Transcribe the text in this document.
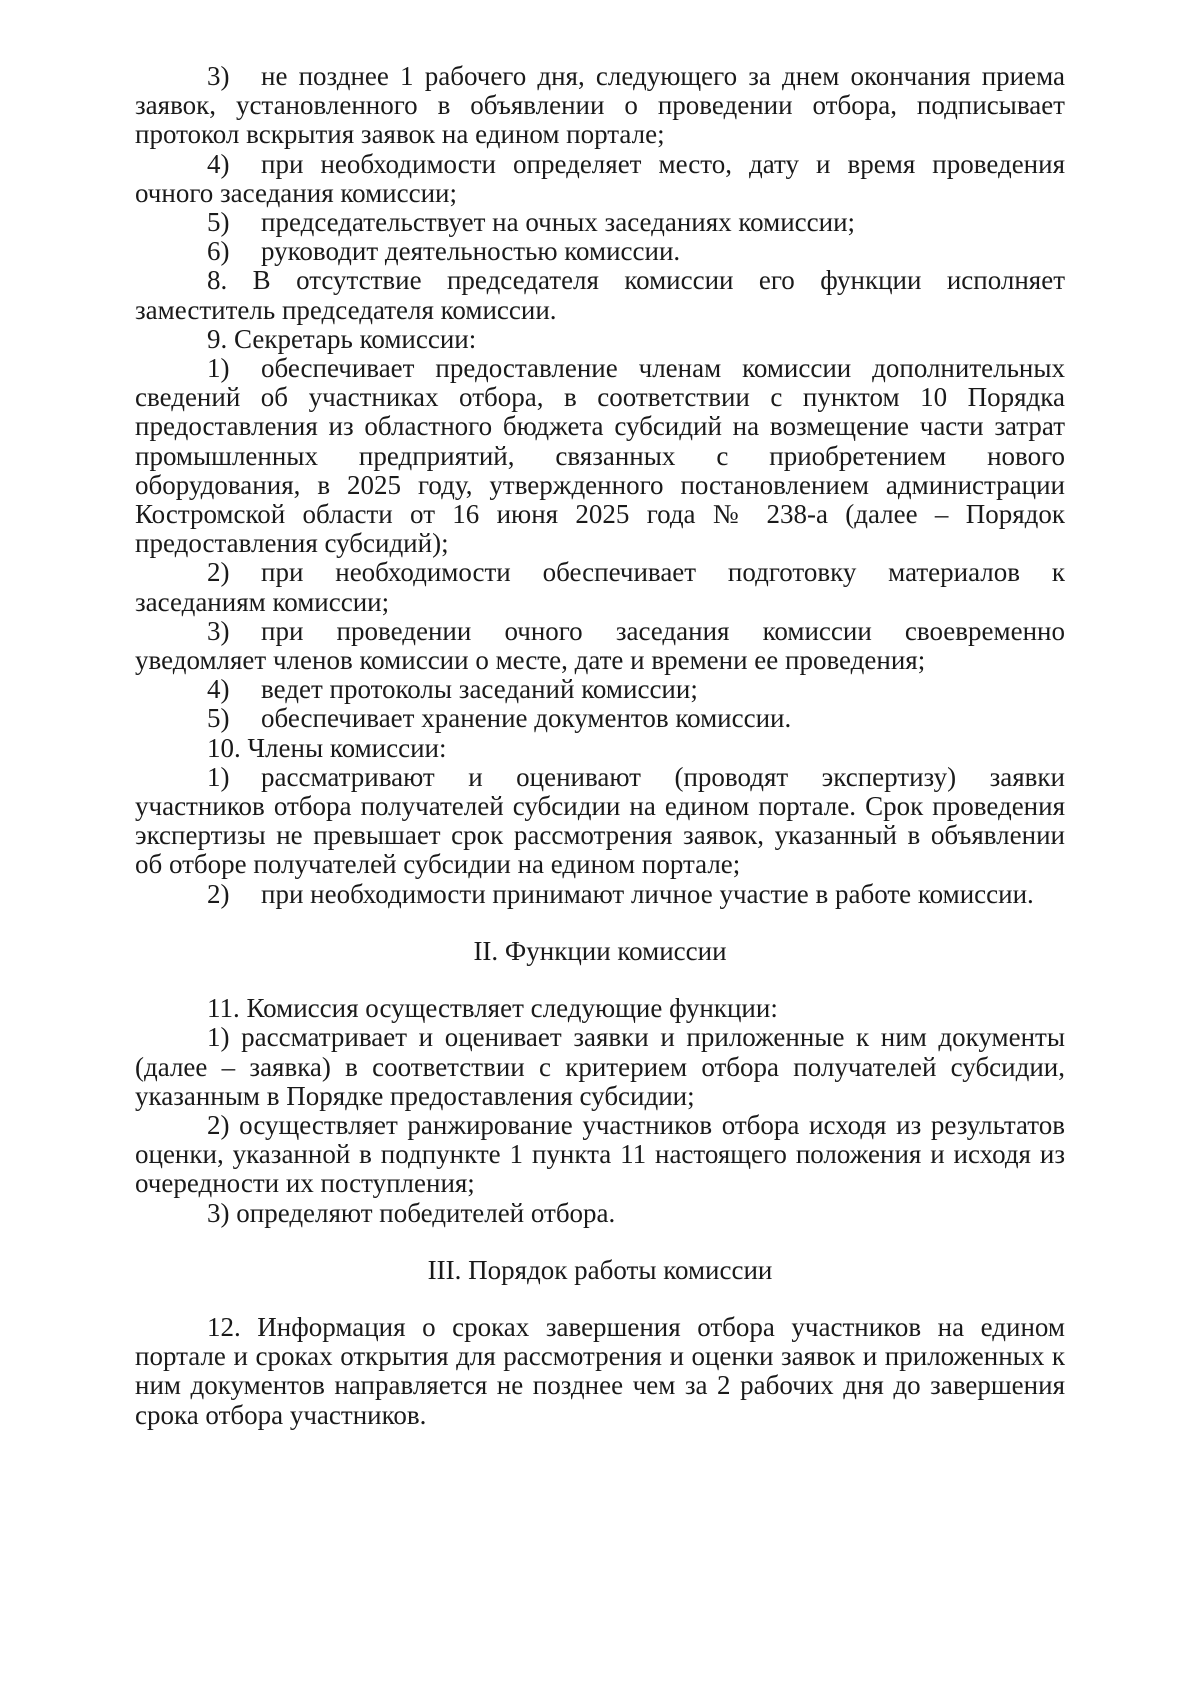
3) не позднее 1 рабочего дня, следующего за днем окончания приема заявок, установленного в объявлении о проведении отбора, подписывает протокол вскрытия заявок на едином портале;

4) при необходимости определяет место, дату и время проведения очного заседания комиссии;

5) председательствует на очных заседаниях комиссии;

6) руководит деятельностью комиссии.

8. В отсутствие председателя комиссии его функции исполняет заместитель председателя комиссии.

9. Секретарь комиссии:

1) обеспечивает предоставление членам комиссии дополнительных сведений об участниках отбора, в соответствии с пунктом 10 Порядка предоставления из областного бюджета субсидий на возмещение части затрат промышленных предприятий, связанных с приобретением нового оборудования, в 2025 году, утвержденного постановлением администрации Костромской области от 16 июня 2025 года № 238-а (далее – Порядок предоставления субсидий);

2) при необходимости обеспечивает подготовку материалов к заседаниям комиссии;

3) при проведении очного заседания комиссии своевременно уведомляет членов комиссии о месте, дате и времени ее проведения;

4) ведет протоколы заседаний комиссии;

5) обеспечивает хранение документов комиссии.

10. Члены комиссии:

1) рассматривают и оценивают (проводят экспертизу) заявки участников отбора получателей субсидии на едином портале. Срок проведения экспертизы не превышает срок рассмотрения заявок, указанный в объявлении об отборе получателей субсидии на едином портале;

2) при необходимости принимают личное участие в работе комиссии.

II. Функции комиссии

11. Комиссия осуществляет следующие функции:

1) рассматривает и оценивает заявки и приложенные к ним документы (далее – заявка) в соответствии с критерием отбора получателей субсидии, указанным в Порядке предоставления субсидии;

2) осуществляет ранжирование участников отбора исходя из результатов оценки, указанной в подпункте 1 пункта 11 настоящего положения и исходя из очередности их поступления;

3) определяют победителей отбора.

III. Порядок работы комиссии

12. Информация о сроках завершения отбора участников на едином портале и сроках открытия для рассмотрения и оценки заявок и приложенных к ним документов направляется не позднее чем за 2 рабочих дня до завершения срока отбора участников.
